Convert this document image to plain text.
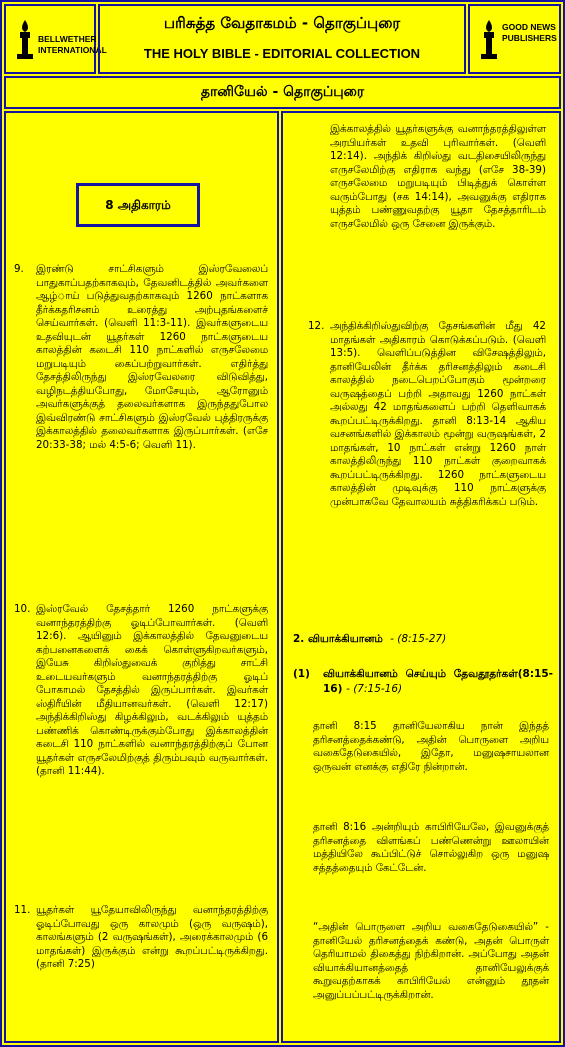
BELLWETHER INTERNATIONAL
பரிசுத்த வேதாகமம் - தொகுப்புரை
THE HOLY BIBLE - EDITORIAL COLLECTION
GOOD NEWS PUBLISHERS
தானியேல் - தொகுப்புரை
8 அதிகாரம்
9. இரண்டு சாட்சிகளும் இஸ்ரவேலைப் பாதுகாப்பதற்காகவும், தேவனிடத்தில் அவர்களை ஆழ்ாய் படுத்துவதற்காகவும் 1260 நாட்களாக தீர்க்கதரிசனம் உரைத்து அற்புதங்களைச் செய்வார்கள். (வெளி 11:3-11). இவர்களுடைய உதவியுடன் யூதர்கள் 1260 நாட்களுடைய காலத்தின் கடைசி 110 நாட்களில் எருசலேமை மறுபடியும் கைப்பற்றுவார்கள். எதிர்த்து தேசத்திலிருந்து இஸ்ரவேலரை விடுவித்து, வழிநடத்தியபோது, மோசேயும், ஆரோனும் அவர்களுக்குத் தலைவர்களாக இருந்ததுபோல இவ்விரண்டு சாட்சிகளும் இஸ்ரவேல் புத்திரருக்கு இக்காலத்தில் தலைவர்களாக இருப்பார்கள். (எசே 20:33-38; மல் 4:5-6; வெளி 11).
10. இஸ்ரவேல் தேசத்தார் 1260 நாட்களுக்கு வனாந்தரத்திற்கு ஓடிப்போவார்கள். (வெளி 12:6). ஆயினும் இக்காலத்தில் தேவனுடைய கற்பனைகளைக் கைக் கொள்ளுகிறவர்களும், இயேசு கிறிஸ்துவைக் குறித்து சாட்சி உடையவர்களும் வனாந்தரத்திற்கு ஓடிப் போகாமல் தேசத்தில் இருப்பார்கள். இவர்கள் ஸ்திரீயின் மீதியானவர்கள். (வெளி 12:17) அந்திக்கிறிஸ்து கிழக்கிலும், வடக்கிலும் யுத்தம் பண்ணிக் கொண்டிருக்கும்போது இக்காலத்தின் கடைசி 110 நாட்களில் வனாந்தரத்திற்குப் போன யூதர்கள் எருசலேமிற்குத் திரும்பவும் வருவார்கள். (தானி 11:44).
11. யூதர்கள் யூதேயாவிலிருந்து வனாந்தரத்திற்கு ஓடிப்போவது ஒரு காலமும் (ஒரு வருஷம்), காலங்களும் (2 வருஷங்கள்), அரைக்காலமும் (6 மாதங்கள்) இருக்கும் என்று கூறப்பட்டிருக்கிறது. (தானி 7:25)
இக்காலத்தில் யூதர்களுக்கு வனாந்தரத்திலுள்ள அரபியர்கள் உதவி புரிவார்கள். (வெளி 12:14). அந்திக் கிறிஸ்து வடதிசையிலிருந்து எருசலேமிற்கு எதிராக வந்து (எசே 38-39) எருசலேமை மறுபடியும் பிடித்துக் கொள்ள வரும்போது (சக 14:14), அவனுக்கு எதிராக யுத்தம் பண்ணுவதற்கு யூதா தேசத்தாரிடம் எருசலேமில் ஒரு சேனை இருக்கும்.
12. அந்திக்கிறிஸ்துவிற்கு தேசங்களின் மீது 42 மாதங்கள் அதிகாரம் கொடுக்கப்படும். (வெளி 13:5). வெளிப்படுத்தின விசேஷத்திலும், தானியேலின் தீர்க்க தரிசனத்திலும் கடைசி காலத்தில் நடைபெறப்போகும் மூன்றரை வருஷத்தைப் பற்றி அதாவது 1260 நாட்கள் அல்லது 42 மாதங்களைப் பற்றி தெளிவாகக் கூறப்பட்டிருக்கிறது. தானி 8:13-14 ஆகிய வசனங்களில் இக்காலம் மூன்று வருஷங்கள், 2 மாதங்கள், 10 நாட்கள் என்று 1260 நாள் காலத்திலிருந்து 110 நாட்கள் குறைவாகக் கூறப்பட்டிருக்கிறது. 1260 நாட்களுடைய காலத்தின் முடிவுக்கு 110 நாட்களுக்கு முன்பாகவே தேவாலயம் சுத்திகரிக்கப் படும்.
2. வியாக்கியானம் - (8:15-27)
(1)	வியாக்கியானம் செய்யும் தேவதூதர்கள்(8:15-16) - (7:15-16)
தானி 8:15 தானியேலாகிய நான் இந்தத் தரிசனத்தைக்கண்டு, அதின் பொருளை அறிய வகைதேடுகையில், இதோ, மனுஷசாயலான ஒருவன் எனக்கு எதிரே நின்றான்.
தானி 8:16 அன்றியும் காபிரியேலே, இவனுக்குத் தரிசனத்தை விளங்கப் பண்ணென்று ஊலாயின் மத்தியிலே கூப்பிட்டுச் சொல்லுகிற ஒரு மனுஷ சத்தத்தையும் கேட்டேன்.
“அதின் பொருளை அறிய வகைதேடுகையில்” - தானியேல் தரிசனத்தைக் கண்டு, அதன் பொருள் தெரியாமல் திகைத்து நிற்கிறான். அப்போது அதன் வியாக்கியானத்தைத் தானியேலுக்குக் கூறுவதற்காகக் காபிரியேல் என்னும் தூதன் அனுப்பப்பட்டிருக்கிறான்.
